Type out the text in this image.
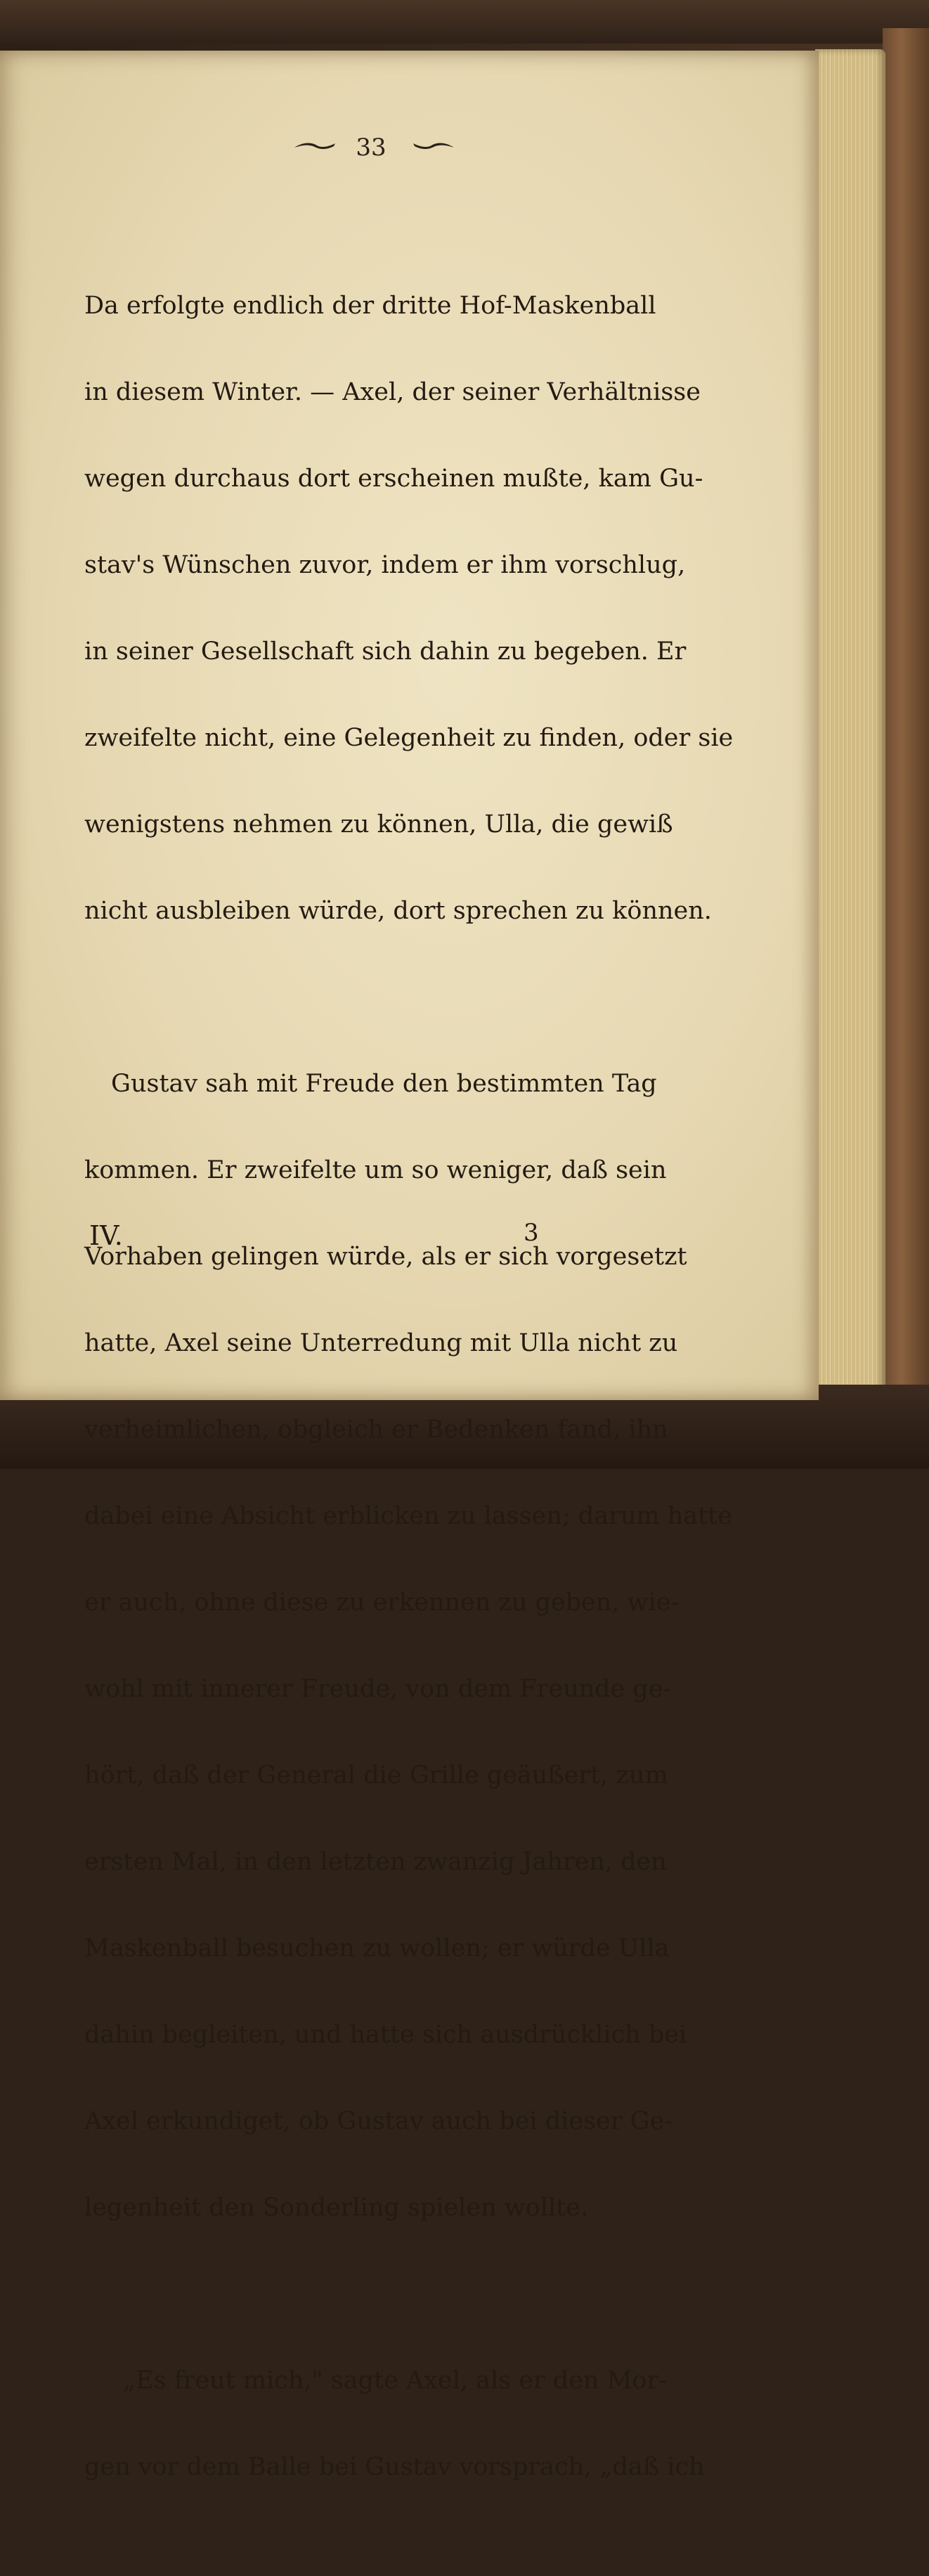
33

Da erfolgte endlich der dritte Hof-Maskenball

in diesem Winter. — Axel, der seiner Verhältnisse

wegen durchaus dort erscheinen mußte, kam Gu-

stav's Wünschen zuvor, indem er ihm vorschlug,

in seiner Gesellschaft sich dahin zu begeben. Er

zweifelte nicht, eine Gelegenheit zu finden, oder sie

wenigstens nehmen zu können, Ulla, die gewiß

nicht ausbleiben würde, dort sprechen zu können.

Gustav sah mit Freude den bestimmten Tag

kommen. Er zweifelte um so weniger, daß sein

Vorhaben gelingen würde, als er sich vorgesetzt

hatte, Axel seine Unterredung mit Ulla nicht zu

verheimlichen, obgleich er Bedenken fand, ihn

dabei eine Absicht erblicken zu lassen; darum hatte

er auch, ohne diese zu erkennen zu geben, wie-

wohl mit innerer Freude, von dem Freunde ge-

hört, daß der General die Grille geäußert, zum

ersten Mal, in den letzten zwanzig Jahren, den

Maskenball besuchen zu wollen; er würde Ulla

dahin begleiten, und hatte sich ausdrücklich bei

Axel erkundiget, ob Gustav auch bei dieser Ge-

legenheit den Sonderling spielen wollte.

„Es freut mich," sagte Axel, als er den Mor-

gen vor dem Balle bei Gustav vorsprach, „daß ich

IV.	3
